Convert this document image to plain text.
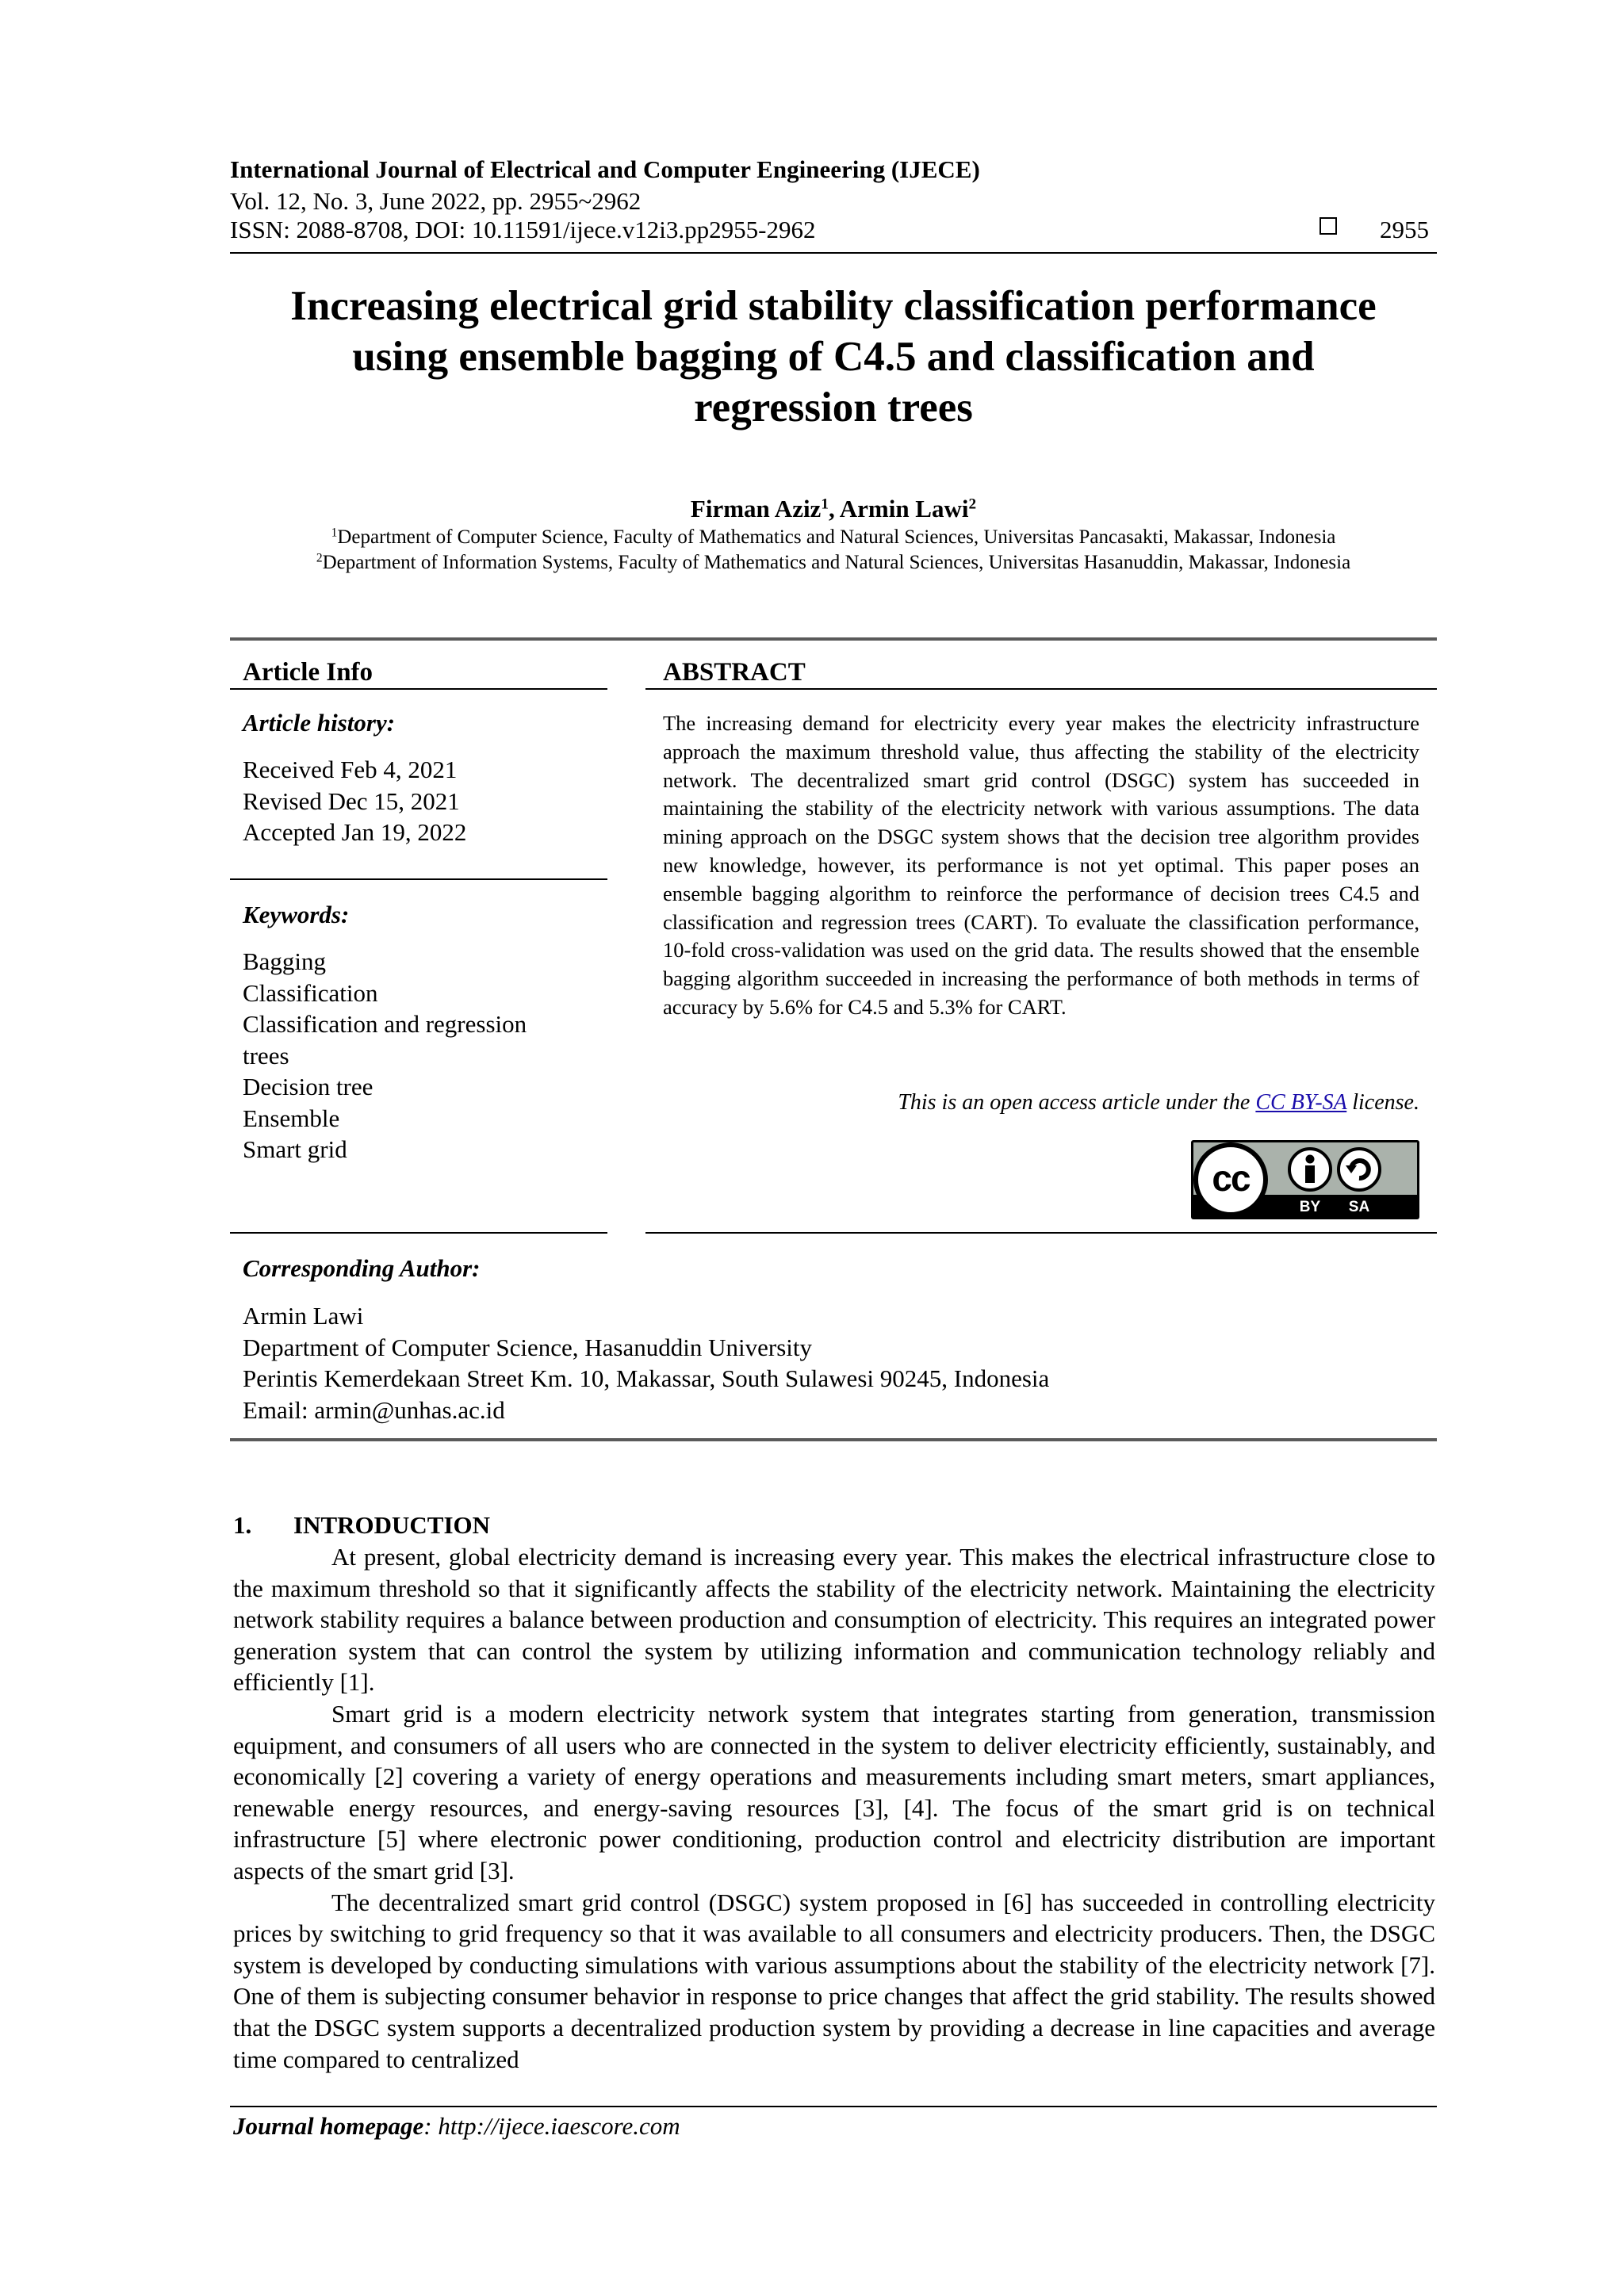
International Journal of Electrical and Computer Engineering (IJECE)
Vol. 12, No. 3, June 2022, pp. 2955~2962
ISSN: 2088-8708, DOI: 10.11591/ijece.v12i3.pp2955-2962	2955
Increasing electrical grid stability classification performance
using ensemble bagging of C4.5 and classification and
regression trees
Firman Aziz$^1$, Armin Lawi$^2$
$^1$Department of Computer Science, Faculty of Mathematics and Natural Sciences, Universitas Pancasakti, Makassar, Indonesia
$^2$Department of Information Systems, Faculty of Mathematics and Natural Sciences, Universitas Hasanuddin, Makassar, Indonesia
Article Info
Article history:
Received Feb 4, 2021
Revised Dec 15, 2021
Accepted Jan 19, 2022
Keywords:
Bagging
Classification
Classification and regression
trees
Decision tree
Ensemble
Smart grid
ABSTRACT
The increasing demand for electricity every year makes the electricity infrastructure approach the maximum threshold value, thus affecting the stability of the electricity network. The decentralized smart grid control (DSGC) system has succeeded in maintaining the stability of the electricity network with various assumptions. The data mining approach on the DSGC system shows that the decision tree algorithm provides new knowledge, however, its performance is not yet optimal. This paper poses an ensemble bagging algorithm to reinforce the performance of decision trees C4.5 and classification and regression trees (CART). To evaluate the classification performance, 10-fold cross-validation was used on the grid data. The results showed that the ensemble bagging algorithm succeeded in increasing the performance of both methods in terms of accuracy by 5.6% for C4.5 and 5.3% for CART.
This is an open access article under the CC BY-SA license.
cc
BY SA
Corresponding Author:
Armin Lawi
Department of Computer Science, Hasanuddin University
Perintis Kemerdekaan Street Km. 10, Makassar, South Sulawesi 90245, Indonesia
Email: armin@unhas.ac.id
1. INTRODUCTION

At present, global electricity demand is increasing every year. This makes the electrical infrastructure close to the maximum threshold so that it significantly affects the stability of the electricity network. Maintaining the electricity network stability requires a balance between production and consumption of electricity. This requires an integrated power generation system that can control the system by utilizing information and communication technology reliably and efficiently [1].

Smart grid is a modern electricity network system that integrates starting from generation, transmission equipment, and consumers of all users who are connected in the system to deliver electricity efficiently, sustainably, and economically [2] covering a variety of energy operations and measurements including smart meters, smart appliances, renewable energy resources, and energy-saving resources [3], [4]. The focus of the smart grid is on technical infrastructure [5] where electronic power conditioning, production control and electricity distribution are important aspects of the smart grid [3].

The decentralized smart grid control (DSGC) system proposed in [6] has succeeded in controlling electricity prices by switching to grid frequency so that it was available to all consumers and electricity producers. Then, the DSGC system is developed by conducting simulations with various assumptions about the stability of the electricity network [7]. One of them is subjecting consumer behavior in response to price changes that affect the grid stability. The results showed that the DSGC system supports a decentralized production system by providing a decrease in line capacities and average time compared to centralized

Journal homepage: http://ijece.iaescore.com
